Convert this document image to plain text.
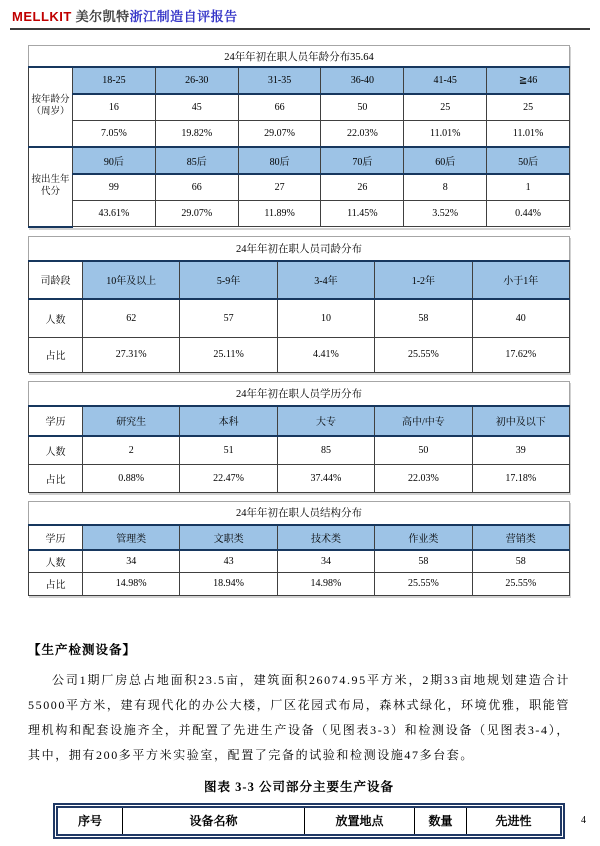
MELLKIT 美尔凯特浙江制造自评报告
24年年初在职人员年龄分布35.64						
按年龄分（周岁）	18-25	26-30	31-35	36-40	41-45	≧46
	16	45	66	50	25	25
	7.05%	19.82%	29.07%	22.03%	11.01%	11.01%
按出生年代分	90后	85后	80后	70后	60后	50后
	99	66	27	26	8	1
	43.61%	29.07%	11.89%	11.45%	3.52%	0.44%
24年年初在职人员司龄分布					
司龄段	10年及以上	5-9年	3-4年	1-2年	小于1年
人数	62	57	10	58	40
占比	27.31%	25.11%	4.41%	25.55%	17.62%
24年年初在职人员学历分布					
学历	研究生	本科	大专	高中/中专	初中及以下
人数	2	51	85	50	39
占比	0.88%	22.47%	37.44%	22.03%	17.18%
24年年初在职人员结构分布					
学历	管理类	文职类	技术类	作业类	营销类
人数	34	43	34	58	58
占比	14.98%	18.94%	14.98%	25.55%	25.55%
【生产检测设备】

公司1期厂房总占地面积23.5亩，建筑面积26074.95平方米，2期33亩地规划建造合计55000平方米，建有现代化的办公大楼，厂区花园式布局，森林式绿化，环境优雅，职能管理机构和配套设施齐全，并配置了先进生产设备（见图表3-3）和检测设备（见图表3-4），其中，拥有200多平方米实验室，配置了完备的试验和检测设施47多台套。

图表 3-3 公司部分主要生产设备
序号	设备名称	放置地点	数量	先进性	4
